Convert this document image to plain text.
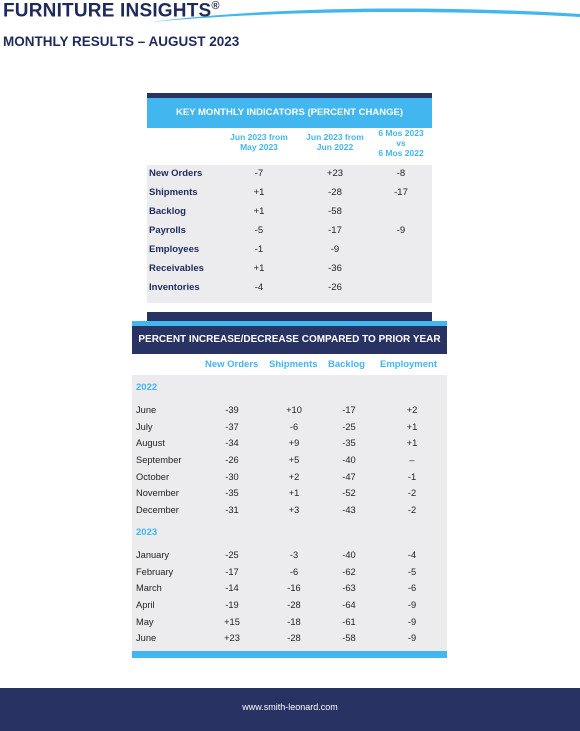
FURNITURE INSIGHTS®
MONTHLY RESULTS – AUGUST 2023
KEY MONTHLY INDICATORS (PERCENT CHANGE)
Jun 2023 from
May 2023
Jun 2023 from
Jun 2022
6 Mos 2023
vs
6 Mos 2022
New Orders	-7	+23	-8
Shipments	+1	-28	-17
Backlog	+1	-58
Payrolls	-5	-17	-9
Employees	-1	-9
Receivables	+1	-36
Inventories	-4	-26
PERCENT INCREASE/DECREASE COMPARED TO PRIOR YEAR
New Orders Shipments Backlog Employment
2022
June	-39	+10	-17	+2
July	-37	-6	-25	+1
August	-34	+9	-35	+1
September	-26	+5	-40	–
October	-30	+2	-47	-1
November	-35	+1	-52	-2
December	-31	+3	-43	-2
2023
January	-25	-3	-40	-4
February	-17	-6	-62	-5
March	-14	-16	-63	-6
April	-19	-28	-64	-9
May	+15	-18	-61	-9
June	+23	-28	-58	-9
www.smith-leonard.com
